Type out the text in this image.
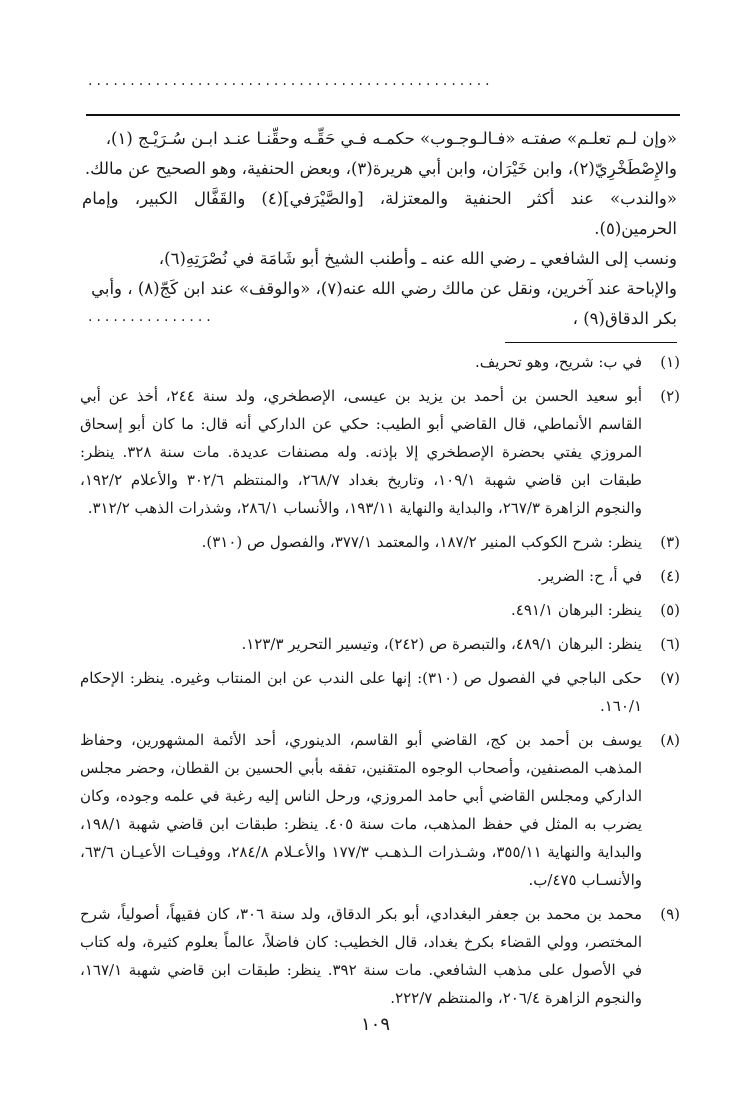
................................................

«وإن لـم تعلـم» صفتـه «فـالـوجـوب» حكمـه فـي حَقِّـه وحقِّنـا عنـد ابـن سُـرَيْـج (١)،

والإِصْطَخْرِيّ(٢)، وابن خَيْرَان، وابن أبي هريرة(٣)، وبعض الحنفية، وهو الصحيح عن مالك.

«والندب» عند أكثر الحنفية والمعتزلة، [والصَّيْرَفي](٤) والقَفَّال الكبير، وإمام الحرمين(٥).

ونسب إلى الشافعي ـ رضي الله عنه ـ وأطنب الشيخ أبو شَامَة في نُصْرَتِهِ(٦)،

والإباحة عند آخرين، ونقل عن مالك رضي الله عنه(٧)، «والوقف» عند ابن كَجّ(٨) ، وأبي

بكر الدقاق(٩) ،

...............
(١)
في ب: شريح، وهو تحريف.
(٢)
أبو سعيد الحسن بن أحمد بن يزيد بن عيسى، الإصطخري، ولد سنة ٢٤٤، أخذ عن أبي القاسم الأنماطي، قال القاضي أبو الطيب: حكي عن الداركي أنه قال: ما كان أبو إسحاق المروزي يفتي بحضرة الإصطخري إلا بإذنه. وله مصنفات عديدة. مات سنة ٣٢٨. ينظر: طبقات ابن قاضي شهبة ١٠٩/١، وتاريخ بغداد ٢٦٨/٧، والمنتظم ٣٠٢/٦ والأعلام ١٩٢/٢، والنجوم الزاهرة ٢٦٧/٣، والبداية والنهاية ١٩٣/١١، والأنساب ٢٨٦/١، وشذرات الذهب ٣١٢/٢.
(٣)
ينظر: شرح الكوكب المنير ١٨٧/٢، والمعتمد ٣٧٧/١، والفصول ص (٣١٠).
(٤)
في أ، ح: الضرير.
(٥)
ينظر: البرهان ٤٩١/١.
(٦)
ينظر: البرهان ٤٨٩/١، والتبصرة ص (٢٤٢)، وتيسير التحرير ١٢٣/٣.
(٧)
حكى الباجي في الفصول ص (٣١٠): إنها على الندب عن ابن المنتاب وغيره. ينظر: الإحكام ١٦٠/١.
(٨)
يوسف بن أحمد بن كج، القاضي أبو القاسم، الدينوري، أحد الأئمة المشهورين، وحفاظ المذهب المصنفين، وأصحاب الوجوه المتقنين، تفقه بأبي الحسين بن القطان، وحضر مجلس الداركي ومجلس القاضي أبي حامد المروزي، ورحل الناس إليه رغبة في علمه وجوده، وكان يضرب به المثل في حفظ المذهب، مات سنة ٤٠٥. ينظر: طبقات ابن قاضي شهبة ١٩٨/١، والبداية والنهاية ٣٥٥/١١، وشـذرات الـذهـب ١٧٧/٣ والأعـلام ٢٨٤/٨، ووفيـات الأعيـان ٦٣/٦، والأنسـاب ٤٧٥/ب.
(٩)
محمد بن محمد بن جعفر البغدادي، أبو بكر الدقاق، ولد سنة ٣٠٦، كان فقيهاً، أصولياً، شرح المختصر، وولي القضاء بكرخ بغداد، قال الخطيب: كان فاضلاً، عالماً بعلوم كثيرة، وله كتاب في الأصول على مذهب الشافعي. مات سنة ٣٩٢. ينظر: طبقات ابن قاضي شهبة ١٦٧/١، والنجوم الزاهرة ٢٠٦/٤، والمنتظم ٢٢٢/٧.
١٠٩
